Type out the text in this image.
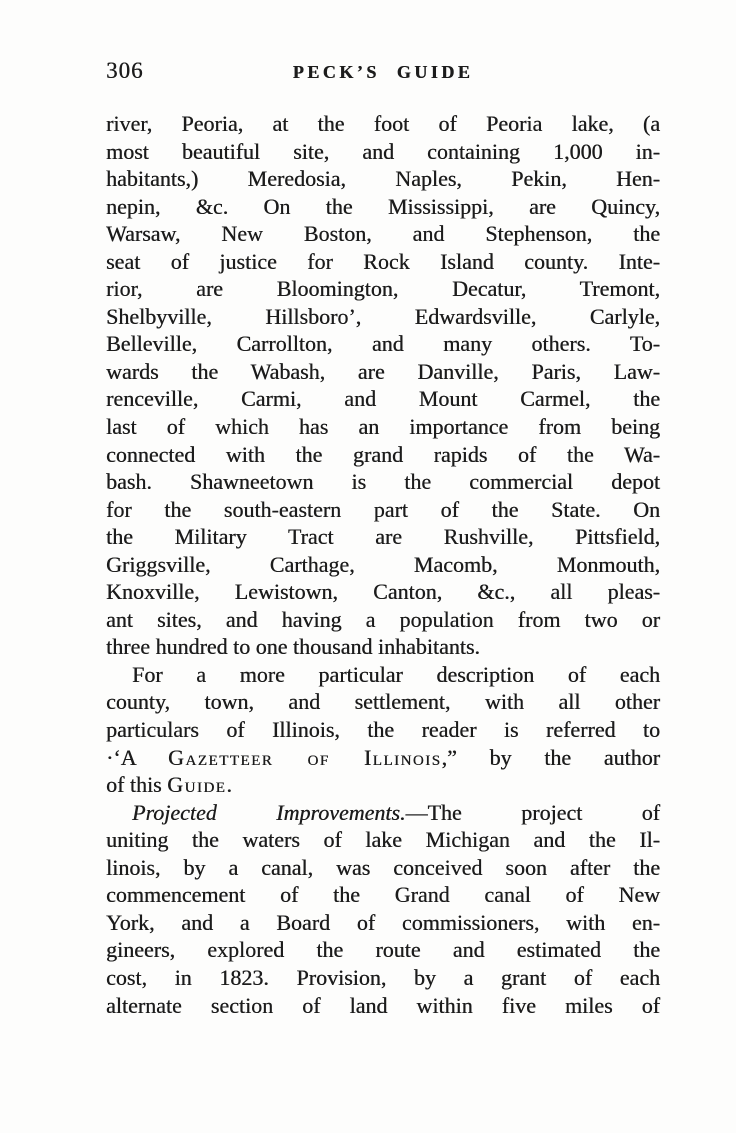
306	PECK’S GUIDE
river, Peoria, at the foot of Peoria lake, (a
most beautiful site, and containing 1,000 in-
habitants,) Meredosia, Naples, Pekin, Hen-
nepin, &c. On the Mississippi, are Quincy,
Warsaw, New Boston, and Stephenson, the
seat of justice for Rock Island county. Inte-
rior, are Bloomington, Decatur, Tremont,
Shelbyville, Hillsboro’, Edwardsville, Carlyle,
Belleville, Carrollton, and many others. To-
wards the Wabash, are Danville, Paris, Law-
renceville, Carmi, and Mount Carmel, the
last of which has an importance from being
connected with the grand rapids of the Wa-
bash. Shawneetown is the commercial depot
for the south-eastern part of the State. On
the Military Tract are Rushville, Pittsfield,
Griggsville, Carthage, Macomb, Monmouth,
Knoxville, Lewistown, Canton, &c., all pleas-
ant sites, and having a population from two or
three hundred to one thousand inhabitants.
For a more particular description of each
county, town, and settlement, with all other
particulars of Illinois, the reader is referred to
·‘A Gazetteer of Illinois,” by the author
of this Guide.
Projected Improvements.—The project of
uniting the waters of lake Michigan and the Il-
linois, by a canal, was conceived soon after the
commencement of the Grand canal of New
York, and a Board of commissioners, with en-
gineers, explored the route and estimated the
cost, in 1823. Provision, by a grant of each
alternate section of land within five miles of
